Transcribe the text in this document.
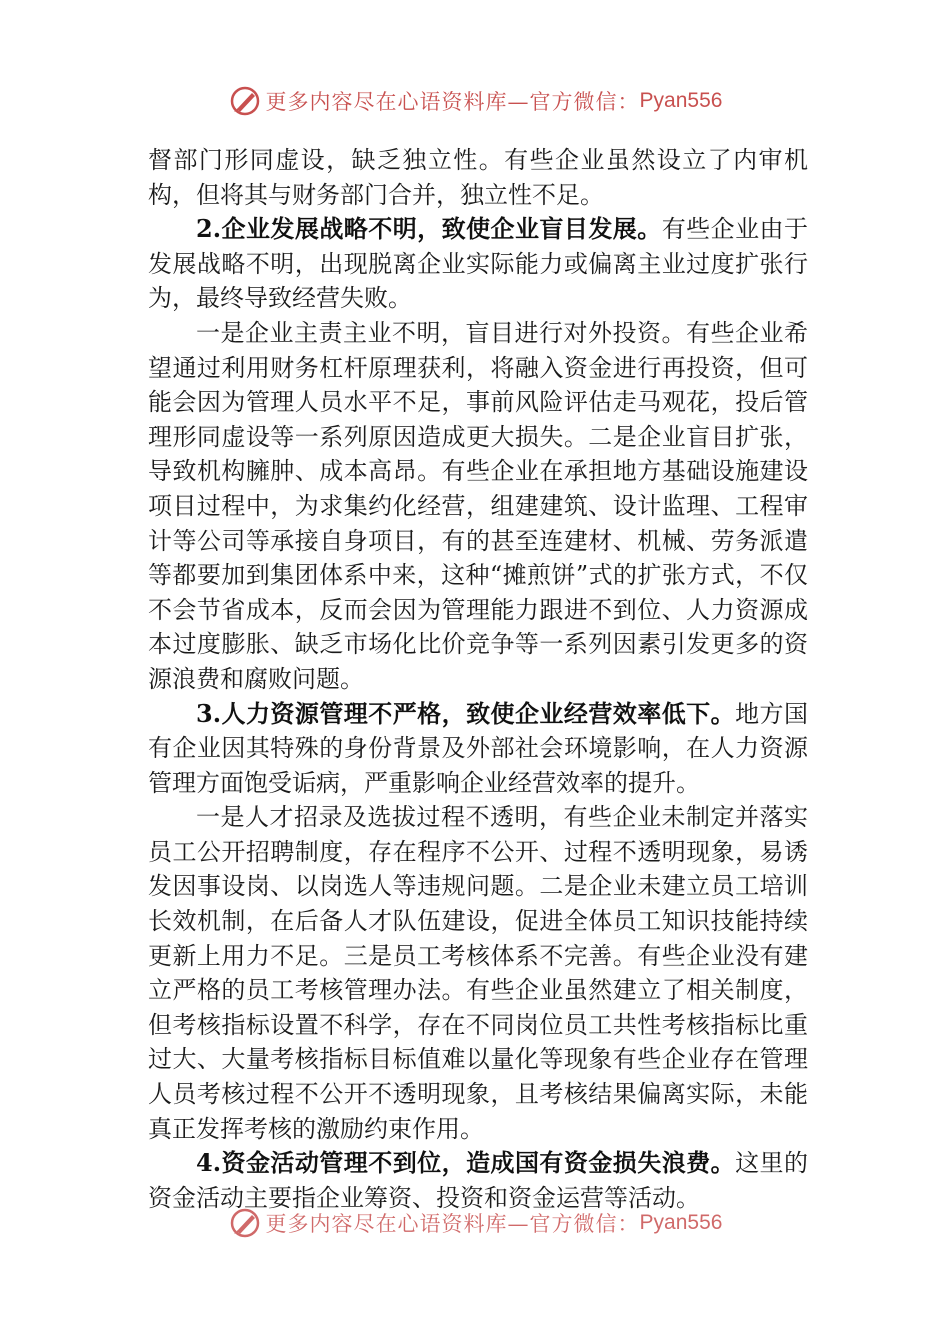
更多内容尽在心语资料库—官方微信：Pyan556

督部门形同虚设，缺乏独立性。有些企业虽然设立了内审机构，但将其与财务部门合并，独立性不足。

2.企业发展战略不明，致使企业盲目发展。有些企业由于发展战略不明，出现脱离企业实际能力或偏离主业过度扩张行为，最终导致经营失败。

一是企业主责主业不明，盲目进行对外投资。有些企业希望通过利用财务杠杆原理获利，将融入资金进行再投资，但可能会因为管理人员水平不足，事前风险评估走马观花，投后管理形同虚设等一系列原因造成更大损失。二是企业盲目扩张，导致机构臃肿、成本高昂。有些企业在承担地方基础设施建设项目过程中，为求集约化经营，组建建筑、设计监理、工程审计等公司等承接自身项目，有的甚至连建材、机械、劳务派遣等都要加到集团体系中来，这种“摊煎饼”式的扩张方式，不仅不会节省成本，反而会因为管理能力跟进不到位、人力资源成本过度膨胀、缺乏市场化比价竞争等一系列因素引发更多的资源浪费和腐败问题。

3.人力资源管理不严格，致使企业经营效率低下。地方国有企业因其特殊的身份背景及外部社会环境影响，在人力资源管理方面饱受诟病，严重影响企业经营效率的提升。

一是人才招录及选拔过程不透明，有些企业未制定并落实员工公开招聘制度，存在程序不公开、过程不透明现象，易诱发因事设岗、以岗选人等违规问题。二是企业未建立员工培训长效机制，在后备人才队伍建设，促进全体员工知识技能持续更新上用力不足。三是员工考核体系不完善。有些企业没有建立严格的员工考核管理办法。有些企业虽然建立了相关制度，但考核指标设置不科学，存在不同岗位员工共性考核指标比重过大、大量考核指标目标值难以量化等现象有些企业存在管理人员考核过程不公开不透明现象，且考核结果偏离实际，未能真正发挥考核的激励约束作用。

4.资金活动管理不到位，造成国有资金损失浪费。这里的资金活动主要指企业筹资、投资和资金运营等活动。

更多内容尽在心语资料库—官方微信：Pyan556
